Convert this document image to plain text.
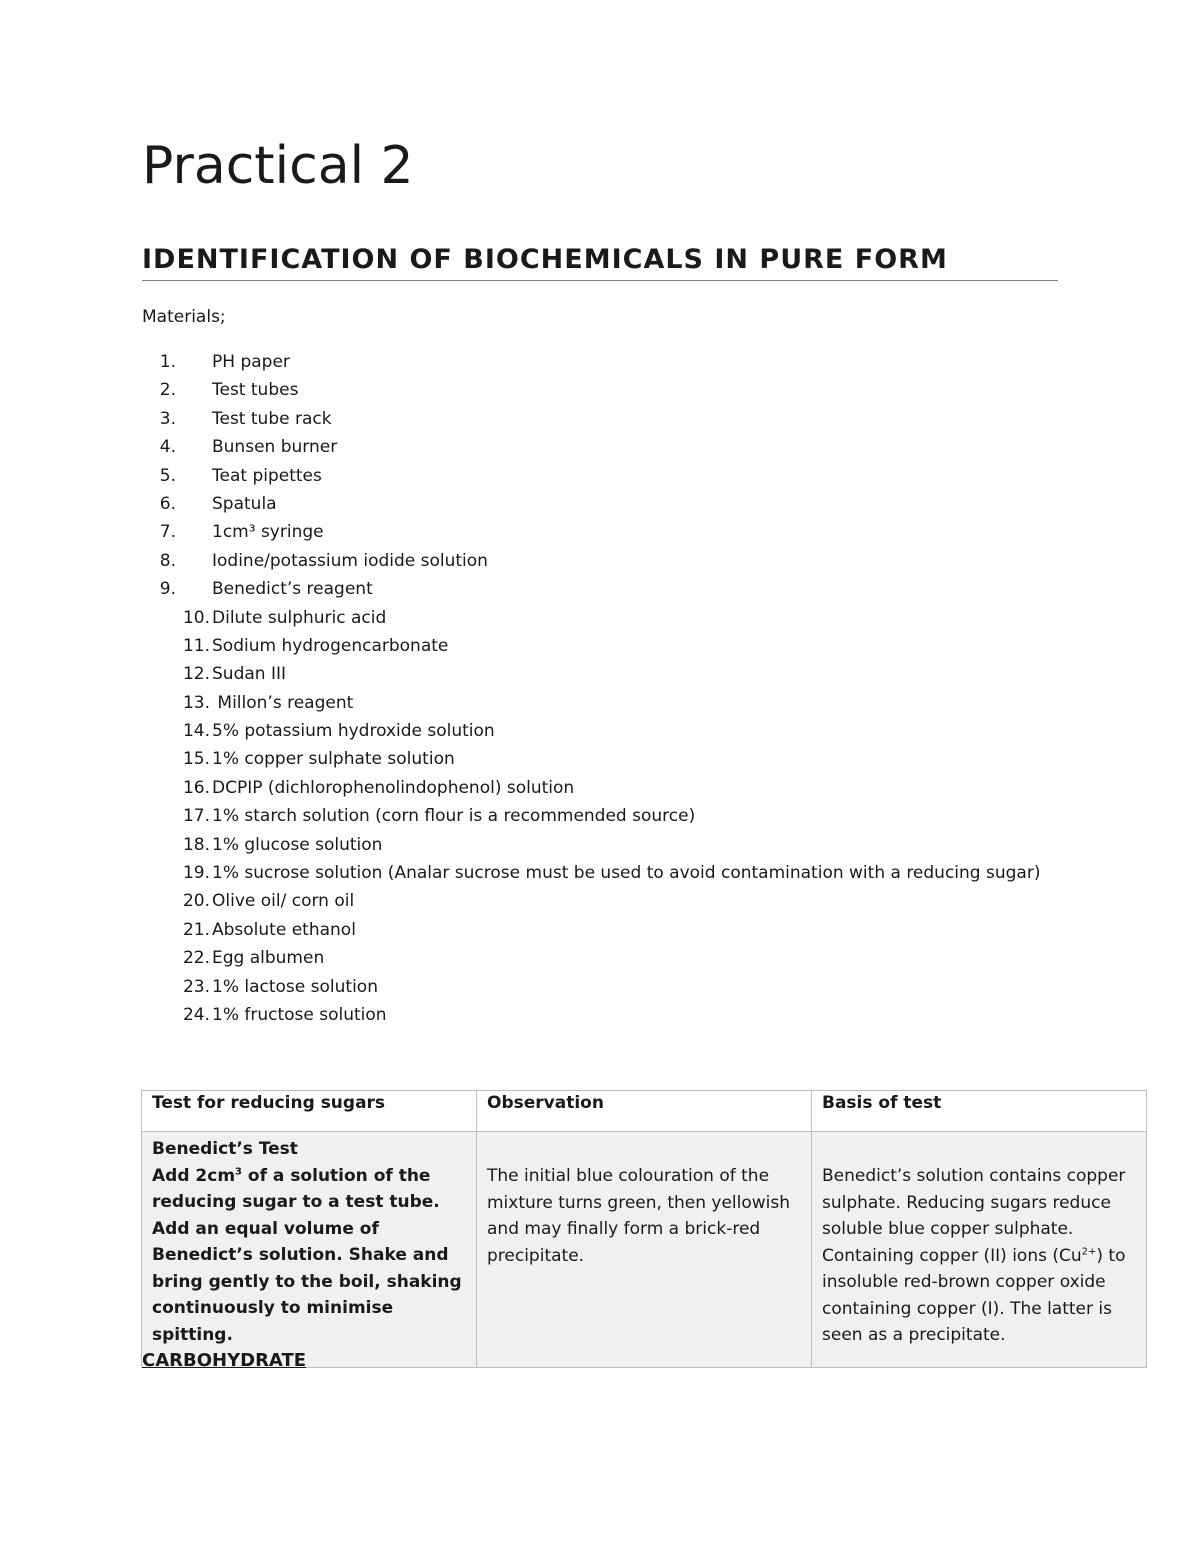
Practical 2
IDENTIFICATION OF BIOCHEMICALS IN PURE FORM

Materials;

1. PH paper
2. Test tubes
3. Test tube rack
4. Bunsen burner
5. Teat pipettes
6. Spatula
7. 1cm³ syringe
8. Iodine/potassium iodide solution
9. Benedict’s reagent
10. Dilute sulphuric acid
11. Sodium hydrogencarbonate
12. Sudan III
13. Millon’s reagent
14. 5% potassium hydroxide solution
15. 1% copper sulphate solution
16. DCPIP (dichlorophenolindophenol) solution
17. 1% starch solution (corn flour is a recommended source)
18. 1% glucose solution
19. 1% sucrose solution (Analar sucrose must be used to avoid contamination with a reducing sugar)
20. Olive oil/ corn oil
21. Absolute ethanol
22. Egg albumen
23. 1% lactose solution
24. 1% fructose solution
Test for reducing sugars	Observation	Basis of test
Benedict’s Test
Add $2cm^3$ of a solution of the reducing sugar to a test tube. Add an equal volume of Benedict’s solution. Shake and bring gently to the boil, shaking continuously to minimise spitting.	The initial blue colouration of the mixture turns green, then yellowish and may finally form a brick-red precipitate.	Benedict’s solution contains copper sulphate. Reducing sugars reduce soluble blue copper sulphate. Containing copper (II) ions $(Cu^{2+})$ to insoluble red-brown copper oxide containing copper (I). The latter is seen as a precipitate.

CARBOHYDRATE
